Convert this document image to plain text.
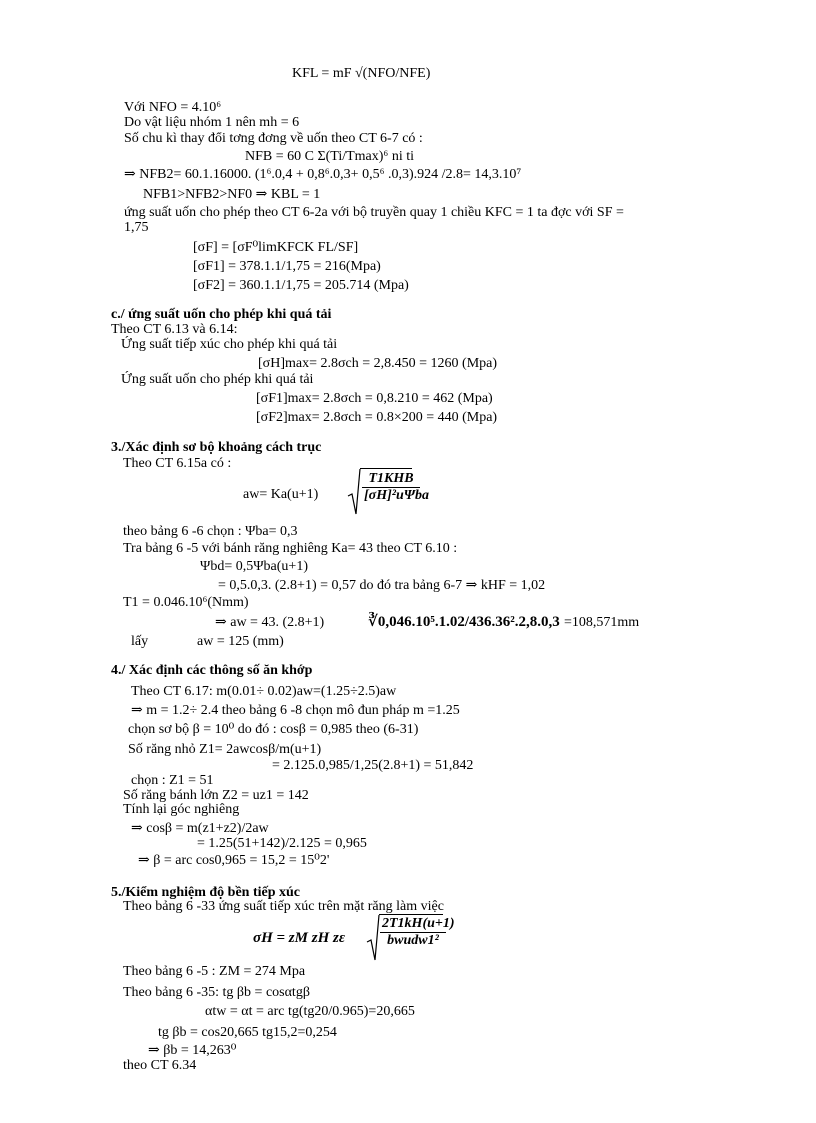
KFL = mF √(NFO/NFE)
Với NFO = 4.10⁶
Do vật liệu nhóm 1 nên mh = 6
Số chu kì thay đổi tơng đơng về uốn theo CT 6-7 có :
NFB = 60 C Σ(Ti/Tmax)⁶ ni ti
⇒ NFB2= 60.1.16000. (1⁶.0,4 + 0,8⁶.0,3+ 0,5⁶ .0,3).924 /2.8= 14,3.10⁷
NFB1>NFB2>NF0 ⇒ KBL = 1
ứng suất uốn cho phép theo CT 6-2a với bộ truyền quay 1 chiều KFC = 1 ta đợc với SF =
1,75
[σF] = [σF⁰limKFCK FL/SF]
[σF1] = 378.1.1/1,75 = 216(Mpa)
[σF2] = 360.1.1/1,75 = 205.714 (Mpa)
c./ ứng suất uốn cho phép khi quá tải
Theo CT 6.13 và 6.14:
Ứng suất tiếp xúc cho phép khi quá tải
[σH]max= 2.8σch = 2,8.450 = 1260 (Mpa)
Ứng suất uốn cho phép khi quá tải
[σF1]max= 2.8σch = 0,8.210 = 462 (Mpa)
[σF2]max= 2.8σch = 0.8×200 = 440 (Mpa)
3./Xác định sơ bộ khoảng cách trục
Theo CT 6.15a có :
aw= Ka(u+1)
T1KHB
[σH]²uΨba
theo bảng 6 -6 chọn : Ψba= 0,3
Tra bảng 6 -5 với bánh răng nghiêng Ka= 43 theo CT 6.10 :
Ψbd= 0,5Ψba(u+1)
= 0,5.0,3. (2.8+1) = 0,57 do đó tra bảng 6-7 ⇒ kHF = 1,02
T1 = 0.046.10⁶(Nmm)
⇒ aw = 43. (2.8+1)	∛0,046.10⁵.1.02/436.36².2,8.0,3 =108,571mm
lấy	aw = 125 (mm)
4./ Xác định các thông số ăn khớp
Theo CT 6.17: m(0.01÷ 0.02)aw=(1.25÷2.5)aw
⇒ m = 1.2÷ 2.4 theo bảng 6 -8 chọn mô đun pháp m =1.25
chọn sơ bộ β = 10⁰ do đó : cosβ = 0,985 theo (6-31)
Số răng nhỏ Z1= 2awcosβ/m(u+1)
= 2.125.0,985/1,25(2.8+1) = 51,842
chọn : Z1 = 51
Số răng bánh lớn Z2 = uz1 = 142
Tính lại góc nghiêng
⇒ cosβ = m(z1+z2)/2aw
= 1.25(51+142)/2.125 = 0,965
⇒ β = arc cos0,965 = 15,2 = 15⁰2'
5./Kiểm nghiệm độ bền tiếp xúc
Theo bảng 6 -33 ứng suất tiếp xúc trên mặt răng làm việc
σH = zM zH zε
2T1kH(u+1)
bwudw1²
Theo bảng 6 -5 : ZM = 274 Mpa
Theo bảng 6 -35: tg βb = cosαtgβ
αtw = αt = arc tg(tg20/0.965)=20,665
tg βb = cos20,665 tg15,2=0,254
⇒ βb = 14,263⁰
theo CT 6.34
